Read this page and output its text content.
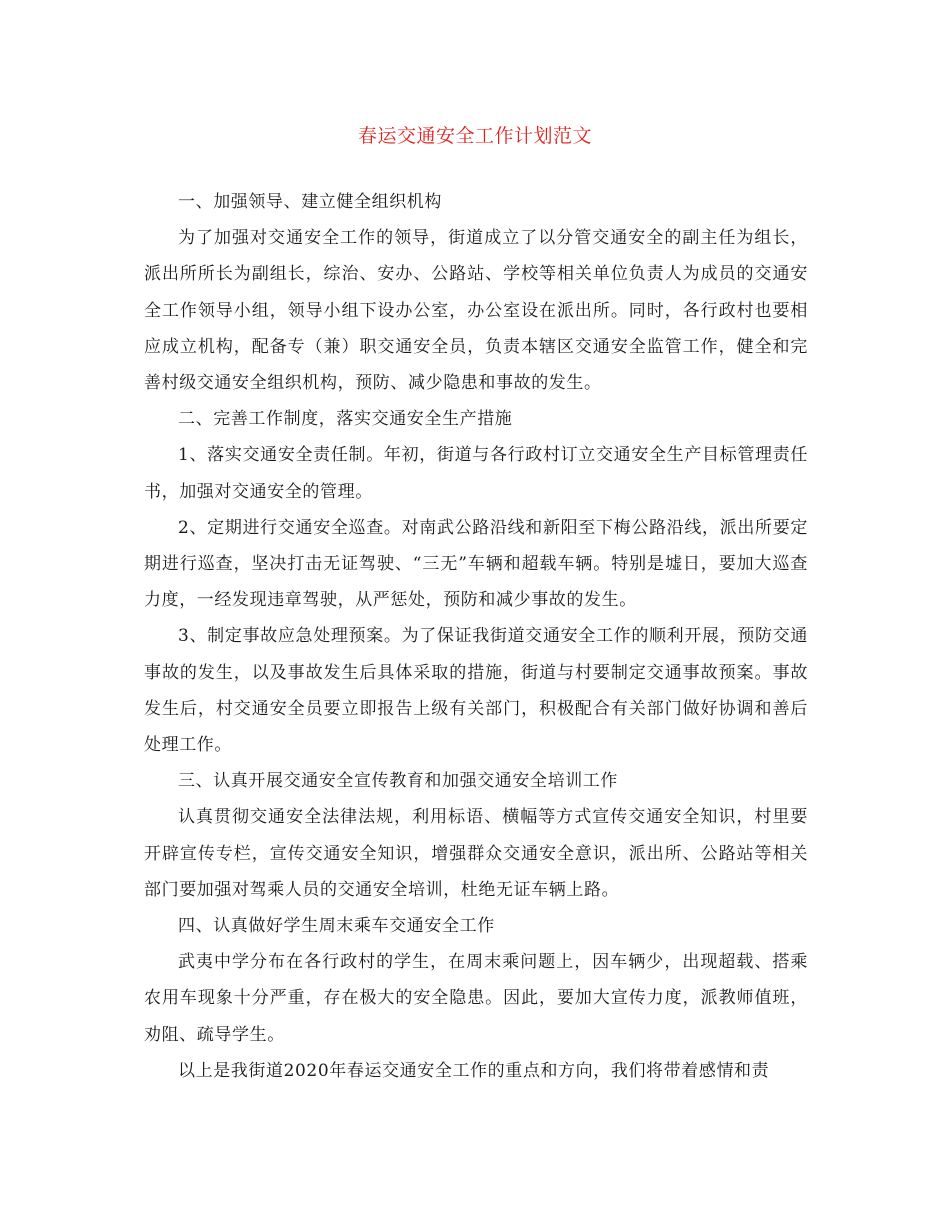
春运交通安全工作计划范文

一、加强领导、建立健全组织机构

为了加强对交通安全工作的领导，街道成立了以分管交通安全的副主任为组长，派出所所长为副组长，综治、安办、公路站、学校等相关单位负责人为成员的交通安全工作领导小组，领导小组下设办公室，办公室设在派出所。同时，各行政村也要相应成立机构，配备专（兼）职交通安全员，负责本辖区交通安全监管工作，健全和完善村级交通安全组织机构，预防、减少隐患和事故的发生。

二、完善工作制度，落实交通安全生产措施

1、落实交通安全责任制。年初，街道与各行政村订立交通安全生产目标管理责任书，加强对交通安全的管理。

2、定期进行交通安全巡查。对南武公路沿线和新阳至下梅公路沿线，派出所要定期进行巡查，坚决打击无证驾驶、“三无”车辆和超载车辆。特别是墟日，要加大巡查力度，一经发现违章驾驶，从严惩处，预防和减少事故的发生。

3、制定事故应急处理预案。为了保证我街道交通安全工作的顺利开展，预防交通事故的发生，以及事故发生后具体采取的措施，街道与村要制定交通事故预案。事故发生后，村交通安全员要立即报告上级有关部门，积极配合有关部门做好协调和善后处理工作。

三、认真开展交通安全宣传教育和加强交通安全培训工作

认真贯彻交通安全法律法规，利用标语、横幅等方式宣传交通安全知识，村里要开辟宣传专栏，宣传交通安全知识，增强群众交通安全意识，派出所、公路站等相关部门要加强对驾乘人员的交通安全培训，杜绝无证车辆上路。

四、认真做好学生周末乘车交通安全工作

武夷中学分布在各行政村的学生，在周末乘问题上，因车辆少，出现超载、搭乘农用车现象十分严重，存在极大的安全隐患。因此，要加大宣传力度，派教师值班，劝阻、疏导学生。

以上是我街道2020年春运交通安全工作的重点和方向，我们将带着感情和责
